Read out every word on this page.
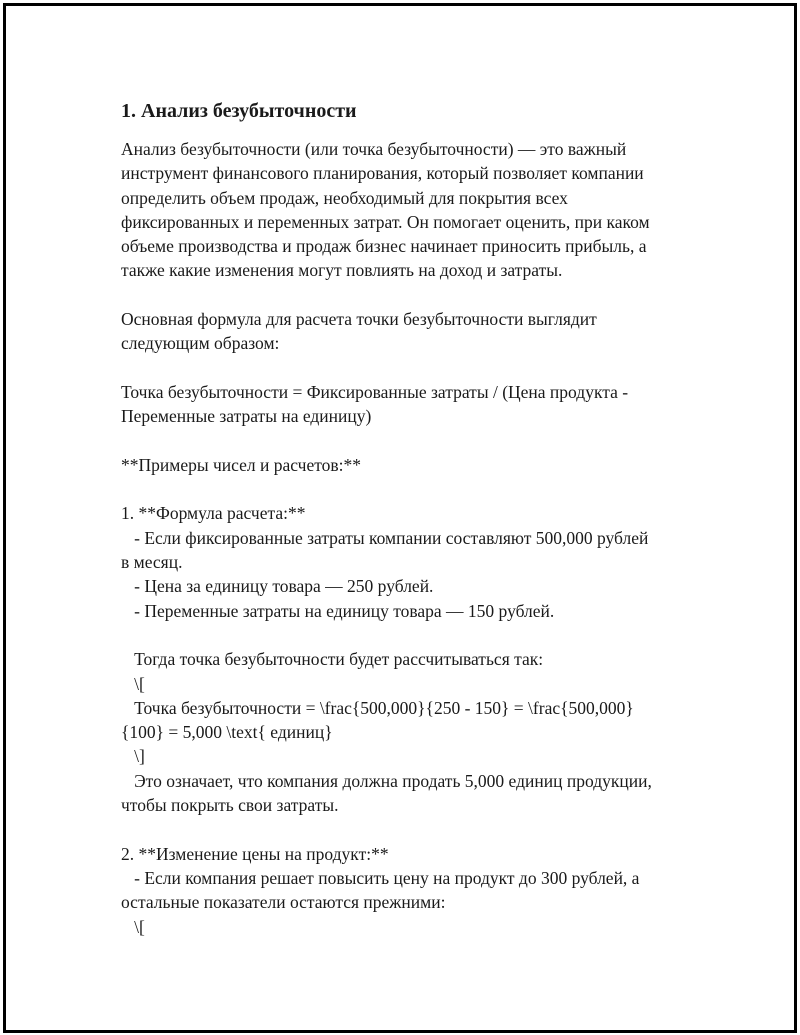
1. Анализ безубыточности

Анализ безубыточности (или точка безубыточности) — это важный

инструмент финансового планирования, который позволяет компании

определить объем продаж, необходимый для покрытия всех

фиксированных и переменных затрат. Он помогает оценить, при каком

объеме производства и продаж бизнес начинает приносить прибыль, а

также какие изменения могут повлиять на доход и затраты.

Основная формула для расчета точки безубыточности выглядит

следующим образом:

Точка безубыточности = Фиксированные затраты / (Цена продукта -

Переменные затраты на единицу)

**Примеры чисел и расчетов:**

1. **Формула расчета:**

- Если фиксированные затраты компании составляют 500,000 рублей

в месяц.

- Цена за единицу товара — 250 рублей.

- Переменные затраты на единицу товара — 150 рублей.

Тогда точка безубыточности будет рассчитываться так:

\[

Точка безубыточности = \frac{500,000}{250 - 150} = \frac{500,000}

{100} = 5,000 \text{ единиц}

\]

Это означает, что компания должна продать 5,000 единиц продукции,

чтобы покрыть свои затраты.

2. **Изменение цены на продукт:**

- Если компания решает повысить цену на продукт до 300 рублей, а

остальные показатели остаются прежними:

\[
